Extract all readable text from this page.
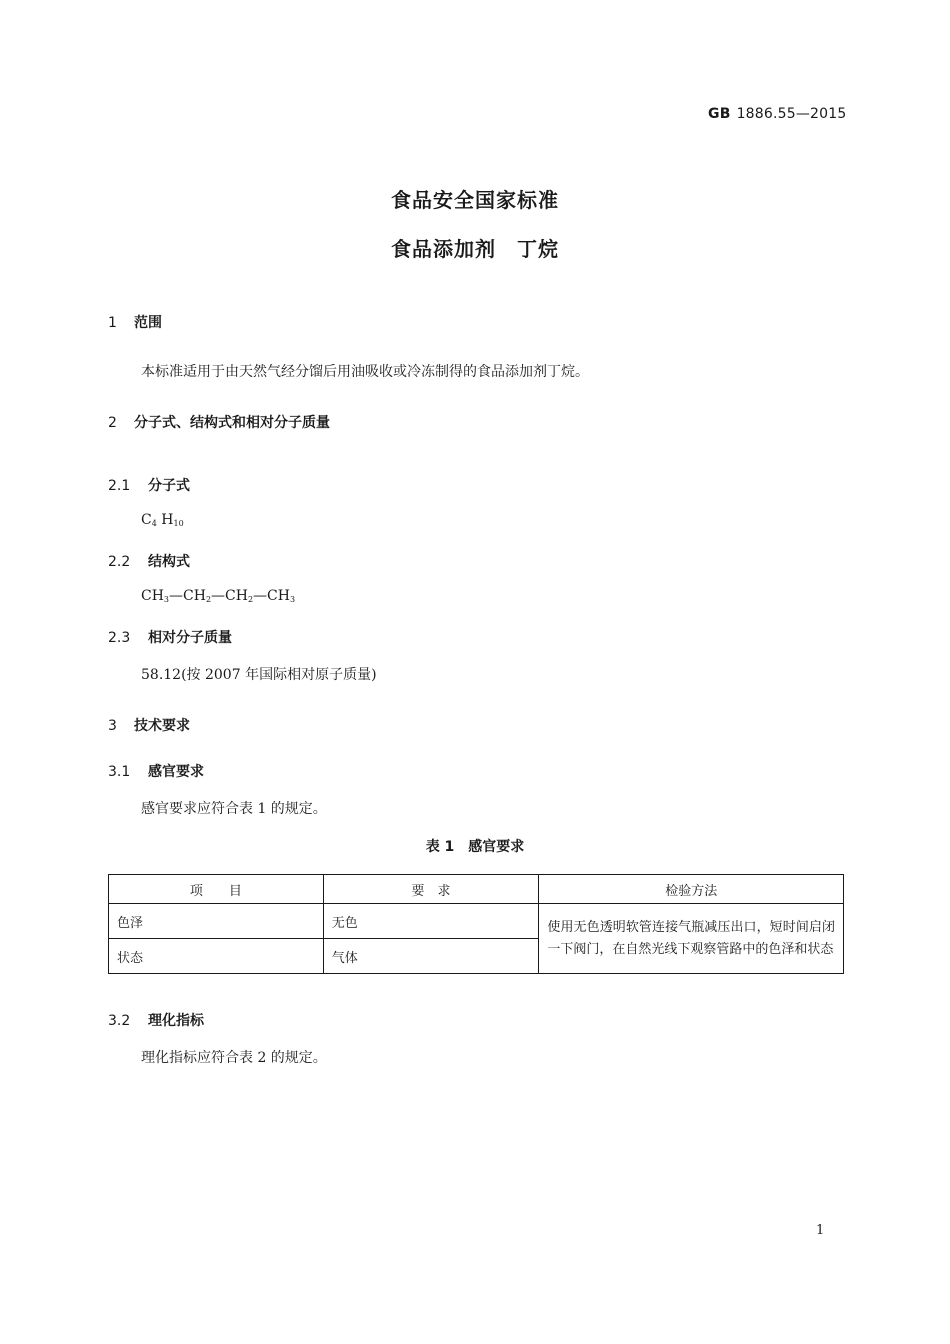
GB 1886.55—2015
食品安全国家标准
食品添加剂　丁烷
1 范围
本标准适用于由天然气经分馏后用油吸收或冷冻制得的食品添加剂丁烷。
2 分子式、结构式和相对分子质量
2.1 分子式
$C_4$ $H_{10}$
2.2 结构式
$CH_3—CH_2—CH_2—CH_3$
2.3 相对分子质量
58.12(按 2007 年国际相对原子质量)
3 技术要求
3.1 感官要求
感官要求应符合表 1 的规定。
表 1　感官要求
项　　目	要　求	检验方法
色泽	无色	使用无色透明软管连接气瓶减压出口，短时间启闭一下阀门，在自然光线下观察管路中的色泽和状态
状态	气体	
3.2 理化指标
理化指标应符合表 2 的规定。
1
